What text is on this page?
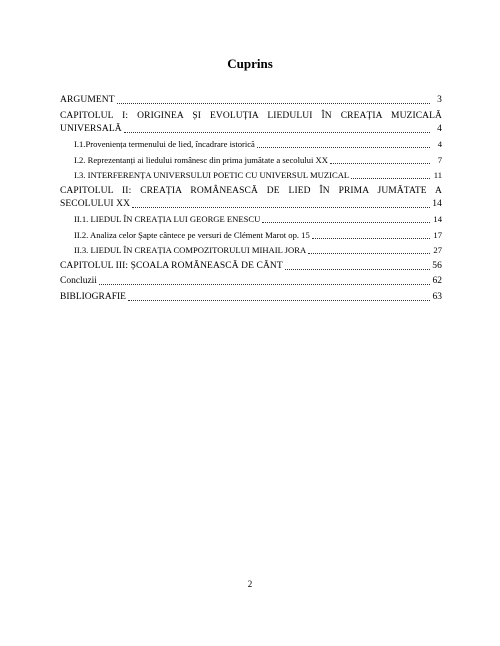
Cuprins
ARGUMENT	3
CAPITOLUL I: ORIGINEA ȘI EVOLUȚIA LIEDULUI ÎN CREAȚIA MUZICALĂ
UNIVERSALĂ	4
I.1.Proveniența termenului de lied, încadrare istorică	4
I.2. Reprezentanți ai liedului românesc din prima jumătate a secolului XX	7
I.3. INTERFERENȚA UNIVERSULUI POETIC CU UNIVERSUL MUZICAL	11
CAPITOLUL II: CREAȚIA ROMÂNEASCĂ DE LIED ÎN PRIMA JUMĂTATE A
SECOLULUI XX	14
II.1. LIEDUL ÎN CREAȚIA LUI GEORGE ENESCU	14
II.2. Analiza celor Șapte cântece pe versuri de Clément Marot op. 15	17
II.3. LIEDUL ÎN CREAȚIA COMPOZITORULUI MIHAIL JORA	27
CAPITOLUL III: ȘCOALA ROMÂNEASCĂ DE CÂNT	56
Concluzii	62
BIBLIOGRAFIE	63
2
